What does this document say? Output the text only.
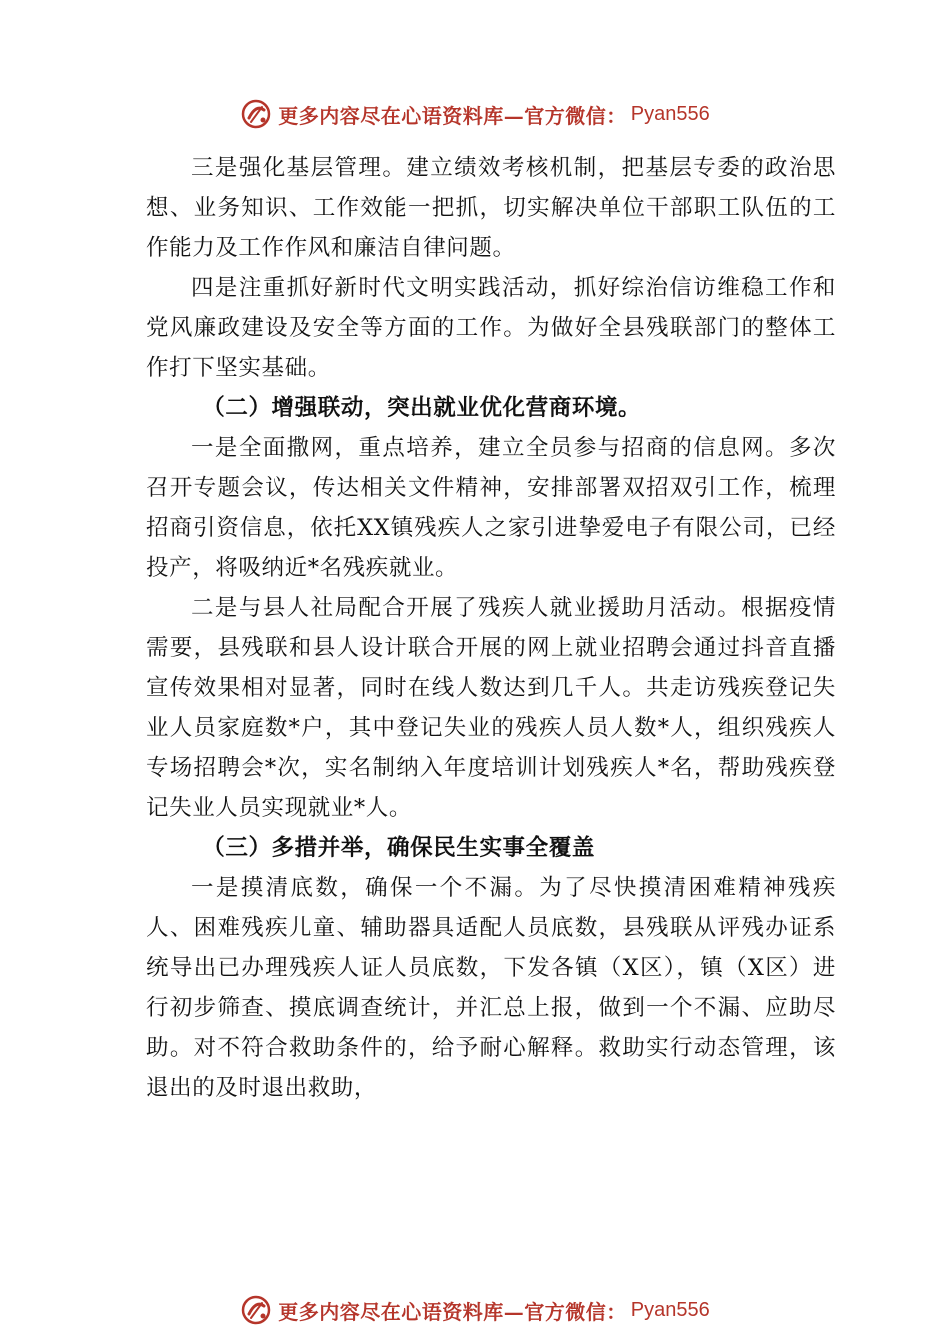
更多内容尽在心语资料库—官方微信： Pyan556

三是强化基层管理。建立绩效考核机制，把基层专委的政治思想、业务知识、工作效能一把抓，切实解决单位干部职工队伍的工作能力及工作作风和廉洁自律问题。

四是注重抓好新时代文明实践活动，抓好综治信访维稳工作和党风廉政建设及安全等方面的工作。为做好全县残联部门的整体工作打下坚实基础。

（二）增强联动，突出就业优化营商环境。

一是全面撒网，重点培养，建立全员参与招商的信息网。多次召开专题会议，传达相关文件精神，安排部署双招双引工作，梳理招商引资信息，依托XX镇残疾人之家引进挚爱电子有限公司，已经投产，将吸纳近*名残疾就业。

二是与县人社局配合开展了残疾人就业援助月活动。根据疫情需要，县残联和县人设计联合开展的网上就业招聘会通过抖音直播宣传效果相对显著，同时在线人数达到几千人。共走访残疾登记失业人员家庭数*户，其中登记失业的残疾人员人数*人，组织残疾人专场招聘会*次，实名制纳入年度培训计划残疾人*名，帮助残疾登记失业人员实现就业*人。

（三）多措并举，确保民生实事全覆盖

一是摸清底数，确保一个不漏。为了尽快摸清困难精神残疾人、困难残疾儿童、辅助器具适配人员底数，县残联从评残办证系统导出已办理残疾人证人员底数，下发各镇（X区），镇（X区）进行初步筛查、摸底调查统计，并汇总上报，做到一个不漏、应助尽助。对不符合救助条件的，给予耐心解释。救助实行动态管理，该退出的及时退出救助，

更多内容尽在心语资料库—官方微信： Pyan556
